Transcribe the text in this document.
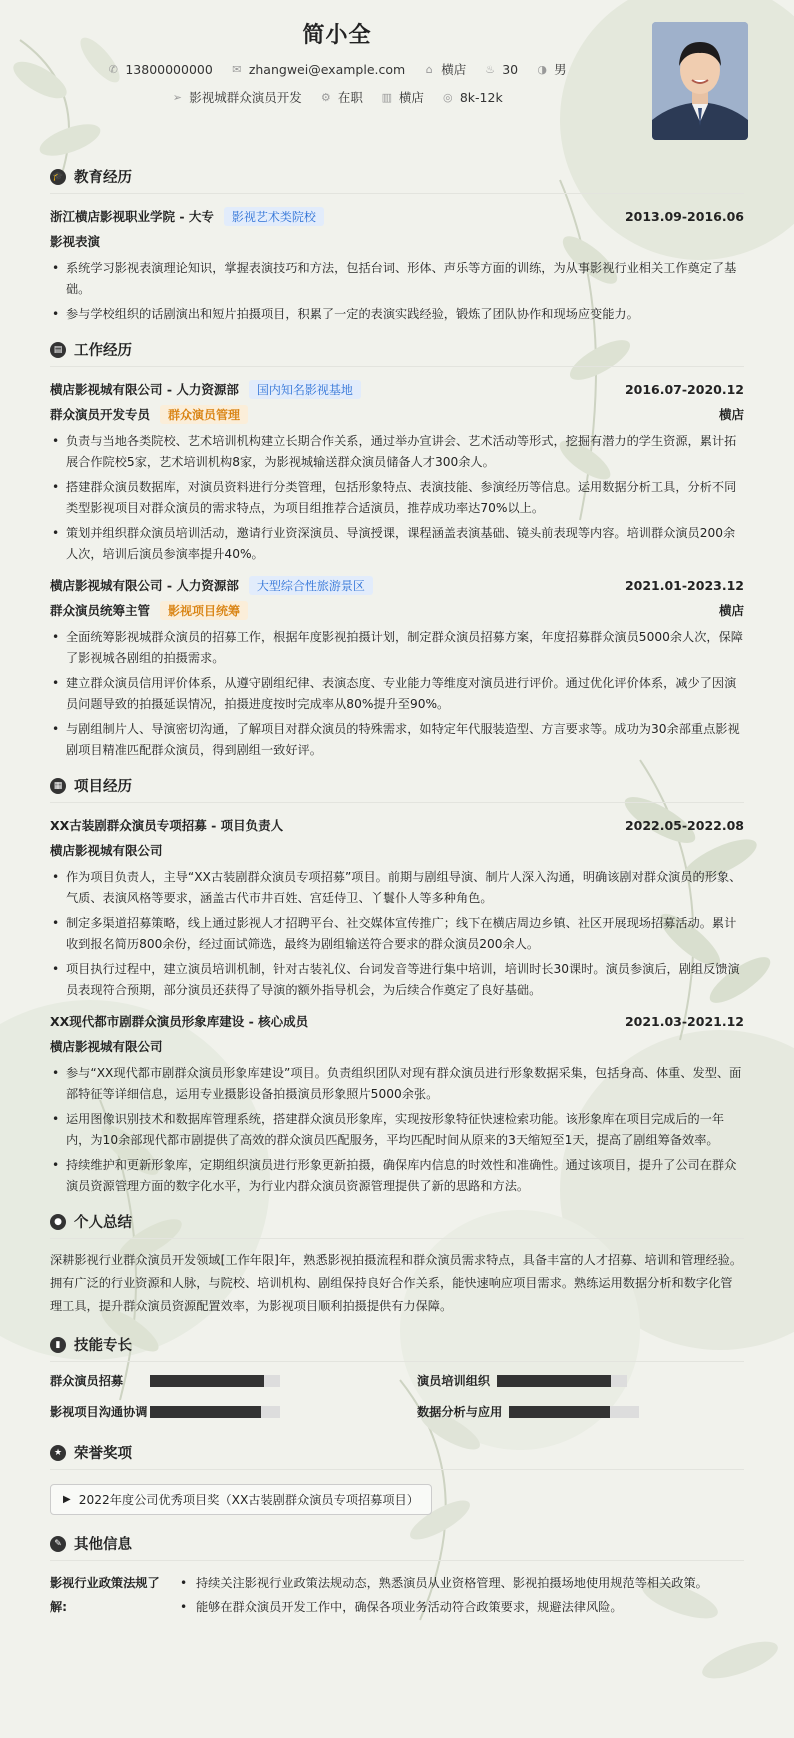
简小全
✆ 13800000000 ✉ zhangwei@example.com ⌂ 横店 ♨ 30 ◑ 男
➢ 影视城群众演员开发 ⚙ 在职 ▥ 横店 ◎ 8k-12k
🎓 教育经历
浙江横店影视职业学院 - 大专	影视艺术类院校	2013.09-2016.06
影视表演
• 系统学习影视表演理论知识，掌握表演技巧和方法，包括台词、形体、声乐等方面的训练，为从事影视行业相关工作奠定了基础。
• 参与学校组织的话剧演出和短片拍摄项目，积累了一定的表演实践经验，锻炼了团队协作和现场应变能力。
▤ 工作经历
横店影视城有限公司 - 人力资源部	国内知名影视基地	2016.07-2020.12
群众演员开发专员	群众演员管理	横店
• 负责与当地各类院校、艺术培训机构建立长期合作关系，通过举办宣讲会、艺术活动等形式，挖掘有潜力的学生资源，累计拓展合作院校5家，艺术培训机构8家，为影视城输送群众演员储备人才300余人。
• 搭建群众演员数据库，对演员资料进行分类管理，包括形象特点、表演技能、参演经历等信息。运用数据分析工具，分析不同类型影视项目对群众演员的需求特点，为项目组推荐合适演员，推荐成功率达70%以上。
• 策划并组织群众演员培训活动，邀请行业资深演员、导演授课，课程涵盖表演基础、镜头前表现等内容。培训群众演员200余人次，培训后演员参演率提升40%。
横店影视城有限公司 - 人力资源部	大型综合性旅游景区	2021.01-2023.12
群众演员统筹主管	影视项目统筹	横店
• 全面统筹影视城群众演员的招募工作，根据年度影视拍摄计划，制定群众演员招募方案，年度招募群众演员5000余人次，保障了影视城各剧组的拍摄需求。
• 建立群众演员信用评价体系，从遵守剧组纪律、表演态度、专业能力等维度对演员进行评价。通过优化评价体系，减少了因演员问题导致的拍摄延误情况，拍摄进度按时完成率从80%提升至90%。
• 与剧组制片人、导演密切沟通，了解项目对群众演员的特殊需求，如特定年代服装造型、方言要求等。成功为30余部重点影视剧项目精准匹配群众演员，得到剧组一致好评。
▦ 项目经历
XX古装剧群众演员专项招募 - 项目负责人	2022.05-2022.08
横店影视城有限公司
• 作为项目负责人，主导“XX古装剧群众演员专项招募”项目。前期与剧组导演、制片人深入沟通，明确该剧对群众演员的形象、气质、表演风格等要求，涵盖古代市井百姓、宫廷侍卫、丫鬟仆人等多种角色。
• 制定多渠道招募策略，线上通过影视人才招聘平台、社交媒体宣传推广；线下在横店周边乡镇、社区开展现场招募活动。累计收到报名简历800余份，经过面试筛选，最终为剧组输送符合要求的群众演员200余人。
• 项目执行过程中，建立演员培训机制，针对古装礼仪、台词发音等进行集中培训，培训时长30课时。演员参演后，剧组反馈演员表现符合预期，部分演员还获得了导演的额外指导机会，为后续合作奠定了良好基础。
XX现代都市剧群众演员形象库建设 - 核心成员	2021.03-2021.12
横店影视城有限公司
• 参与“XX现代都市剧群众演员形象库建设”项目。负责组织团队对现有群众演员进行形象数据采集，包括身高、体重、发型、面部特征等详细信息，运用专业摄影设备拍摄演员形象照片5000余张。
• 运用图像识别技术和数据库管理系统，搭建群众演员形象库，实现按形象特征快速检索功能。该形象库在项目完成后的一年内，为10余部现代都市剧提供了高效的群众演员匹配服务，平均匹配时间从原来的3天缩短至1天，提高了剧组筹备效率。
• 持续维护和更新形象库，定期组织演员进行形象更新拍摄，确保库内信息的时效性和准确性。通过该项目，提升了公司在群众演员资源管理方面的数字化水平，为行业内群众演员资源管理提供了新的思路和方法。
● 个人总结

深耕影视行业群众演员开发领域[工作年限]年，熟悉影视拍摄流程和群众演员需求特点，具备丰富的人才招募、培训和管理经验。拥有广泛的行业资源和人脉，与院校、培训机构、剧组保持良好合作关系，能快速响应项目需求。熟练运用数据分析和数字化管理工具，提升群众演员资源配置效率，为影视项目顺利拍摄提供有力保障。

▮ 技能专长
群众演员招募	演员培训组织
影视项目沟通协调	数据分析与应用
★ 荣誉奖项
▶ 2022年度公司优秀项目奖（XX古装剧群众演员专项招募项目）
✎ 其他信息
影视行业政策法规了解:
• 持续关注影视行业政策法规动态，熟悉演员从业资格管理、影视拍摄场地使用规范等相关政策。
• 能够在群众演员开发工作中，确保各项业务活动符合政策要求，规避法律风险。
